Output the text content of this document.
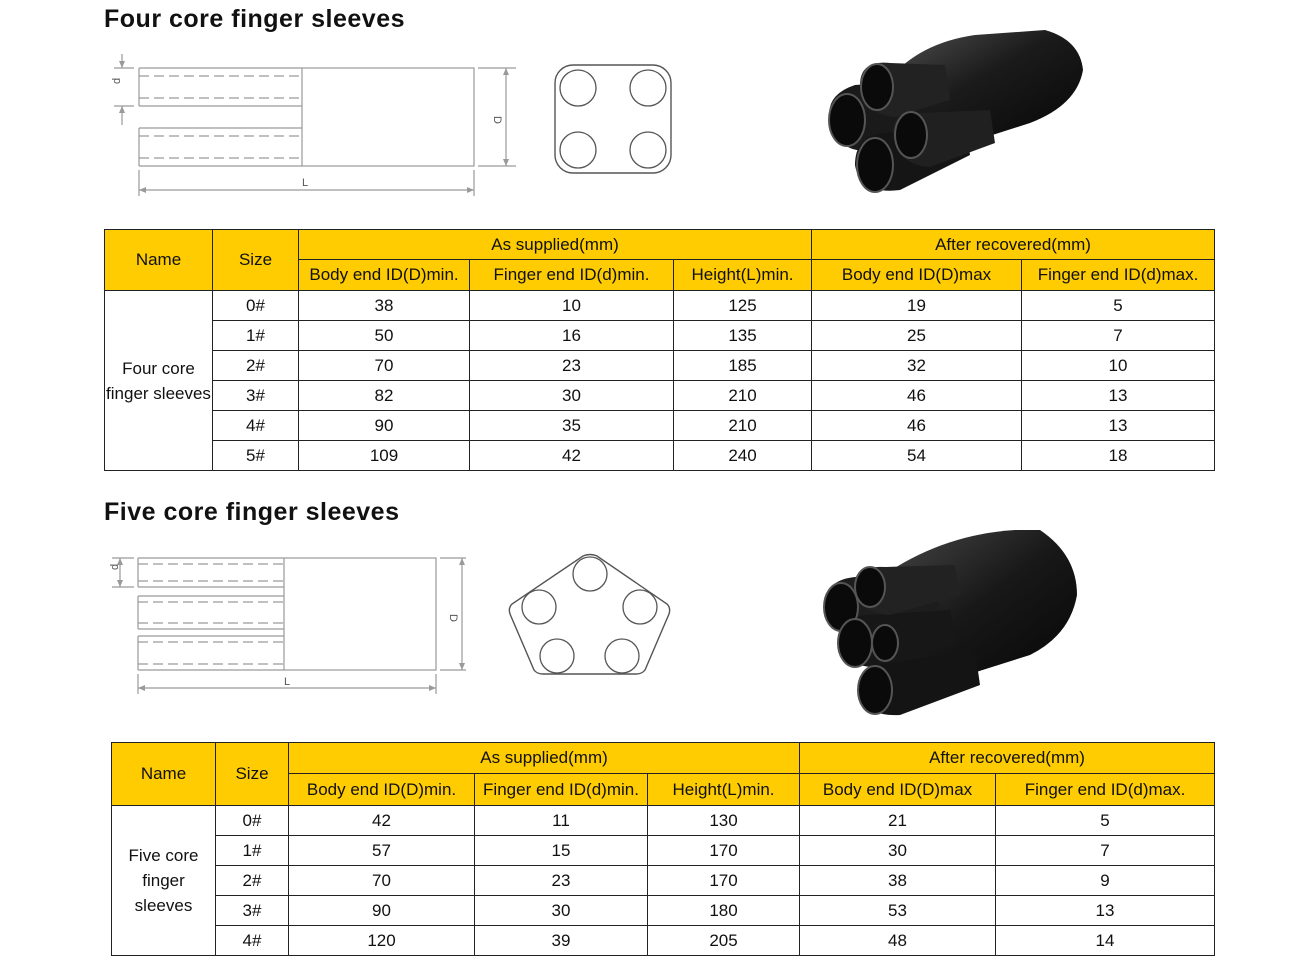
Four core finger sleeves
d
D
L
Name	Size	As supplied(mm)			After recovered(mm)	
		Body end ID(D)min.	Finger end ID(d)min.	Height(L)min.	Body end ID(D)max	Finger end ID(d)max.
Four core finger sleeves	0#	38	10	125	19	5
	1#	50	16	135	25	7
	2#	70	23	185	32	10
	3#	82	30	210	46	13
	4#	90	35	210	46	13
	5#	109	42	240	54	18
Five core finger sleeves
d
D
L
Name	Size	As supplied(mm)			After recovered(mm)	
		Body end ID(D)min.	Finger end ID(d)min.	Height(L)min.	Body end ID(D)max	Finger end ID(d)max.
Five core finger sleeves	0#	42	11	130	21	5
	1#	57	15	170	30	7
	2#	70	23	170	38	9
	3#	90	30	180	53	13
	4#	120	39	205	48	14
